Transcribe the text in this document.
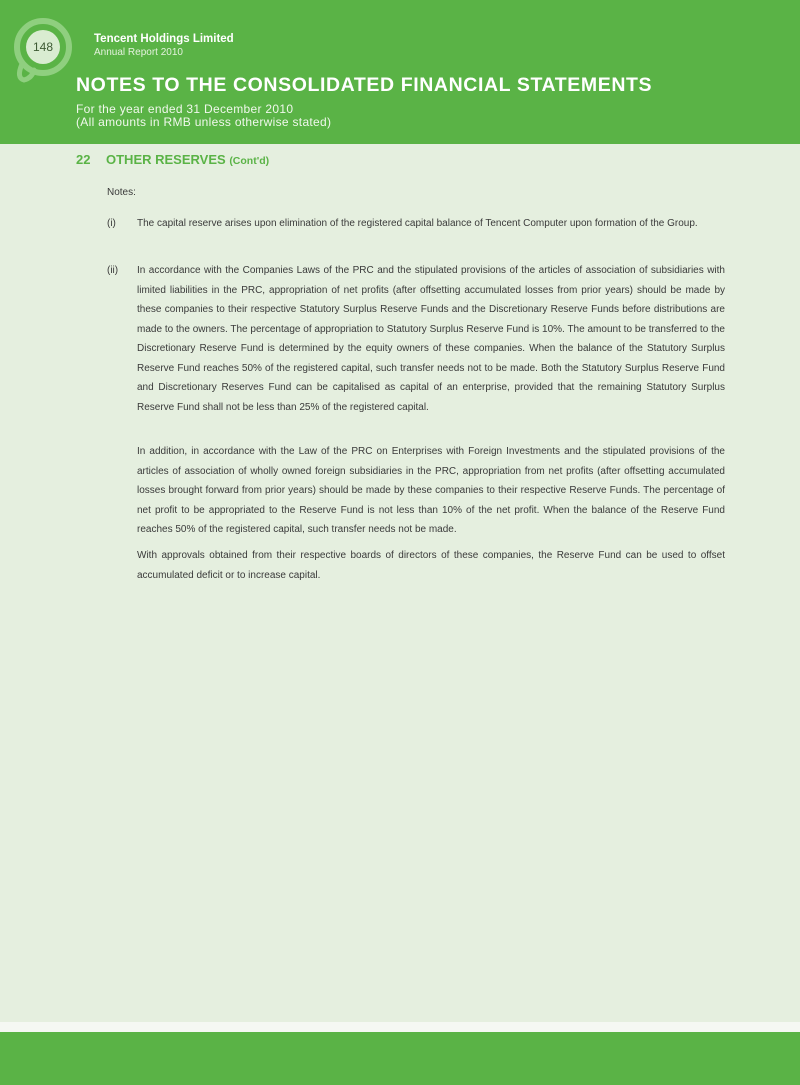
148
Tencent Holdings Limited
Annual Report 2010
NOTES TO THE CONSOLIDATED FINANCIAL STATEMENTS
For the year ended 31 December 2010
(All amounts in RMB unless otherwise stated)
22 OTHER RESERVES (Cont'd)
Notes:
(i) The capital reserve arises upon elimination of the registered capital balance of Tencent Computer upon formation of the Group.

(ii) In accordance with the Companies Laws of the PRC and the stipulated provisions of the articles of association of subsidiaries with limited liabilities in the PRC, appropriation of net profits (after offsetting accumulated losses from prior years) should be made by these companies to their respective Statutory Surplus Reserve Funds and the Discretionary Reserve Funds before distributions are made to the owners. The percentage of appropriation to Statutory Surplus Reserve Fund is 10%. The amount to be transferred to the Discretionary Reserve Fund is determined by the equity owners of these companies. When the balance of the Statutory Surplus Reserve Fund reaches 50% of the registered capital, such transfer needs not to be made. Both the Statutory Surplus Reserve Fund and Discretionary Reserves Fund can be capitalised as capital of an enterprise, provided that the remaining Statutory Surplus Reserve Fund shall not be less than 25% of the registered capital.

In addition, in accordance with the Law of the PRC on Enterprises with Foreign Investments and the stipulated provisions of the articles of association of wholly owned foreign subsidiaries in the PRC, appropriation from net profits (after offsetting accumulated losses brought forward from prior years) should be made by these companies to their respective Reserve Funds. The percentage of net profit to be appropriated to the Reserve Fund is not less than 10% of the net profit. When the balance of the Reserve Fund reaches 50% of the registered capital, such transfer needs not be made.

With approvals obtained from their respective boards of directors of these companies, the Reserve Fund can be used to offset accumulated deficit or to increase capital.
